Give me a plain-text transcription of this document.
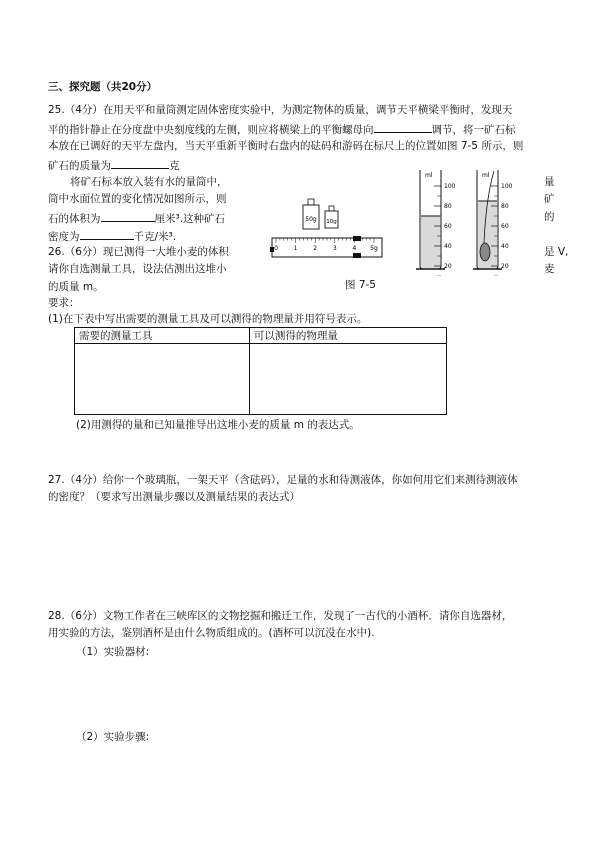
三、探究题（共20分）
25.（4分）在用天平和量筒测定固体密度实验中，为测定物体的质量，调节天平横梁平衡时，发现天
平的指针静止在分度盘中央刻度线的左侧，则应将横梁上的平衡螺母向	调节，将一矿石标
本放在已调好的天平左盘内，当天平重新平衡时右盘内的砝码和游码在标尺上的位置如图 7-5 所示，则
矿石的质量为	克
将矿石标本放入装有水的量筒中，
筒中水面位置的变化情况如图所示，则
石的体积为	厘米³.这种矿石
密度为	千克/米³.
量
矿
的
26.（6分）现已测得一大堆小麦的体积	是 V,
请你自选测量工具，设法估测出这堆小	麦
的质量 m。
要求：
(1)在下表中写出需要的测量工具及可以测得的物理量并用符号表示。
需要的测量工具	可以测得的物理量

(2)用测得的量和已知量推导出这堆小麦的质量 m 的表达式。
50g 10g
0	1	2	3	4 5g
ml
100
80
60
40
20
ml
100
80
60
40
20
图 7-5
27.（4分）给你一个玻璃瓶，一架天平（含砝码），足量的水和待测液体，你如何用它们来测待测液体
的密度？（要求写出测量步骤以及测量结果的表达式）
28.（6分）文物工作者在三峡库区的文物挖掘和搬迁工作，发现了一古代的小酒杯．请你自选器材，
用实验的方法，鉴别酒杯是由什么物质组成的。(酒杯可以沉没在水中).
（1）实验器材:
（2）实验步骤:
